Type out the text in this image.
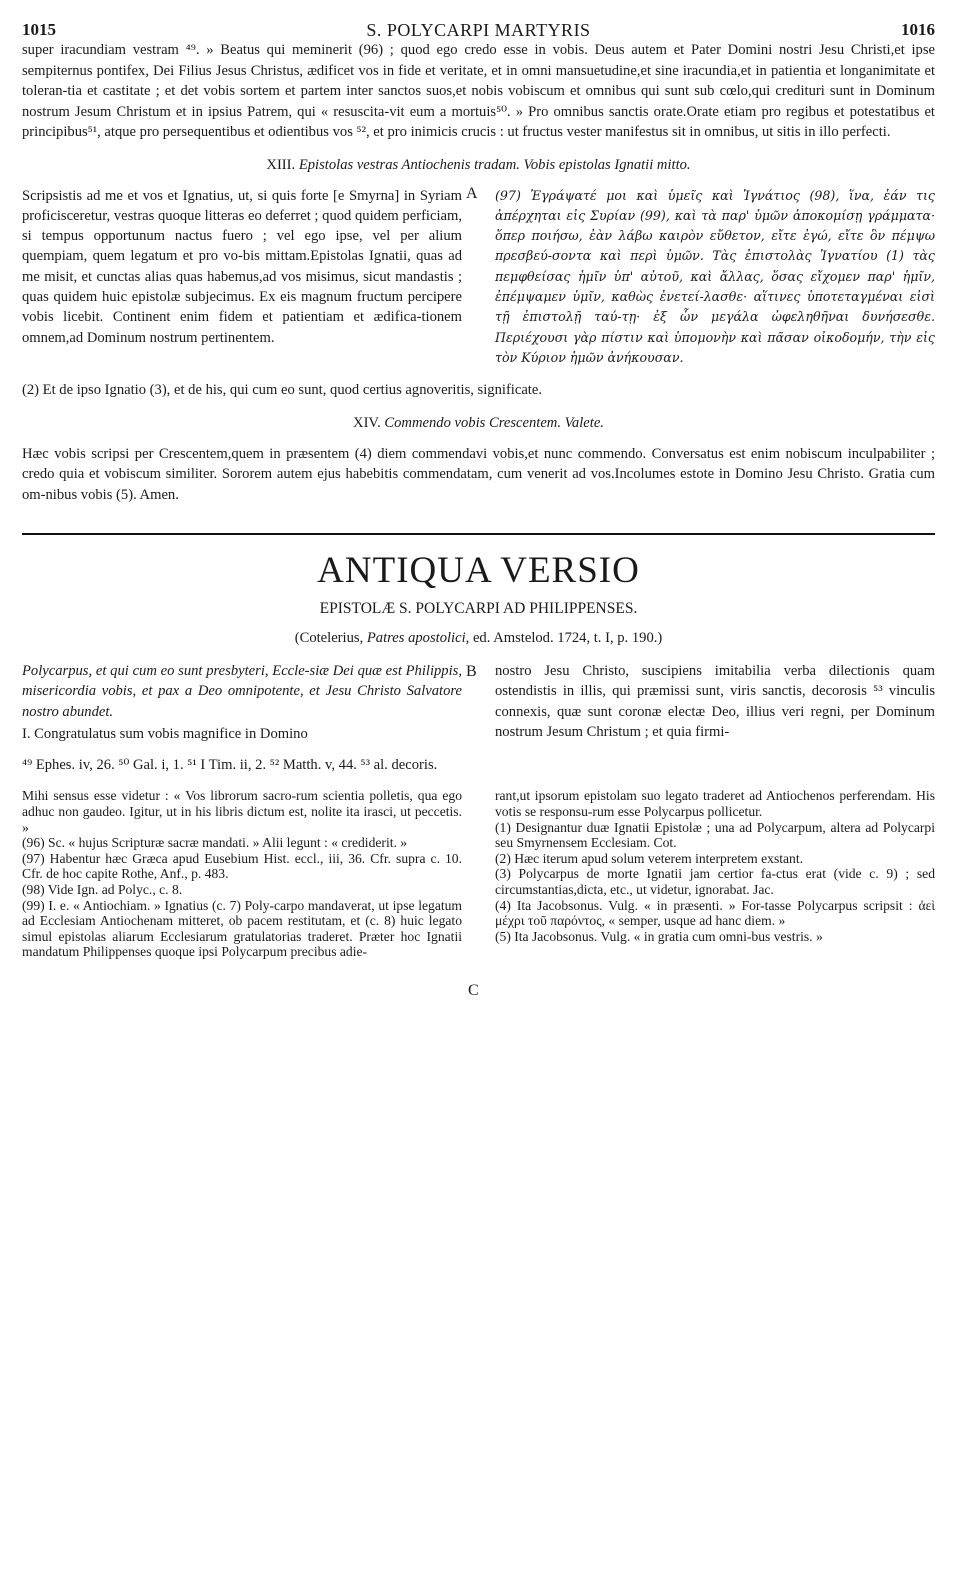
1015	S. POLYCARPI MARTYRIS	1016

super iracundiam vestram ⁴⁹. » Beatus qui meminerit (96) ; quod ego credo esse in vobis. Deus autem et Pater Domini nostri Jesu Christi,et ipse sempiternus pontifex, Dei Filius Jesus Christus, ædificet vos in fide et veritate, et in omni mansuetudine,et sine iracundia,et in patientia et longanimitate et toleran-tia et castitate ; et det vobis sortem et partem inter sanctos suos,et nobis vobiscum et omnibus qui sunt sub cœlo,qui credituri sunt in Dominum nostrum Jesum Christum et in ipsius Patrem, qui « resuscita-vit eum a mortuis⁵⁰. » Pro omnibus sanctis orate.Orate etiam pro regibus et potestatibus et principibus⁵¹, atque pro persequentibus et odientibus vos ⁵², et pro inimicis crucis : ut fructus vester manifestus sit in omnibus, ut sitis in illo perfecti.

XIII. Epistolas vestras Antiochenis tradam. Vobis epistolas Ignatii mitto.

Scripsistis ad me et vos et Ignatius, ut, si quis forte [e Smyrna] in Syriam proficisceretur, vestras quoque litteras eo deferret ; quod quidem perficiam, si tempus opportunum nactus fuero ; vel ego ipse, vel per alium quempiam, quem legatum et pro vo-bis mittam.Epistolas Ignatii, quas ad me misit, et cunctas alias quas habemus,ad vos misimus, sicut mandastis ; quas quidem huic epistolæ subjecimus. Ex eis magnum fructum percipere vobis licebit. Continent enim fidem et patientiam et ædifica-tionem omnem,ad Dominum nostrum pertinentem.

A (97) Ἐγράψατέ μοι καὶ ὑμεῖς καὶ Ἰγνάτιος (98), ἵνα, ἐάν τις ἀπέρχηται εἰς Συρίαν (99), καὶ τὰ παρ' ὑμῶν ἀποκομίσῃ γράμματα· ὅπερ ποιήσω, ἐὰν λάβω καιρὸν εὔθετον, εἴτε ἐγώ, εἴτε ὃν πέμψω πρεσβεύ-σοντα καὶ περὶ ὑμῶν. Τὰς ἐπιστολὰς Ἰγνατίου (1) τὰς πεμφθείσας ἡμῖν ὑπ' αὐτοῦ, καὶ ἄλλας, ὅσας εἴχομεν παρ' ἡμῖν, ἐπέμψαμεν ὑμῖν, καθὼς ἐνετεί-λασθε· αἵτινες ὑποτεταγμέναι εἰσὶ τῇ ἐπιστολῇ ταύ-τῃ· ἐξ ὧν μεγάλα ὠφεληθῆναι δυνήσεσθε. Περιέχουσι γὰρ πίστιν καὶ ὑπομονὴν καὶ πᾶσαν οἰκοδομήν, τὴν εἰς τὸν Κύριον ἡμῶν ἀνήκουσαν.

(2) Et de ipso Ignatio (3), et de his, qui cum eo sunt, quod certius agnoveritis, significate.

XIV. Commendo vobis Crescentem. Valete.

Hæc vobis scripsi per Crescentem,quem in præsentem (4) diem commendavi vobis,et nunc commendo. Conversatus est enim nobiscum inculpabiliter ; credo quia et vobiscum similiter. Sororem autem ejus habebitis commendatam, cum venerit ad vos.Incolumes estote in Domino Jesu Christo. Gratia cum om-nibus vobis (5). Amen.

ANTIQUA VERSIO

EPISTOLÆ S. POLYCARPI AD PHILIPPENSES.

(Cotelerius, Patres apostolici, ed. Amstelod. 1724, t. I, p. 190.)

Polycarpus, et qui cum eo sunt presbyteri, Eccle-siæ Dei quæ est Philippis, misericordia vobis, et pax a Deo omnipotente, et Jesu Christo Salvatore nostro abundet.

I. Congratulatus sum vobis magnifice in Domino

B nostro Jesu Christo, suscipiens imitabilia verba dilectionis quam ostendistis in illis, qui præmissi sunt, viris sanctis, decorosis ⁵³ vinculis connexis, quæ sunt coronæ electæ Deo, illius veri regni, per Dominum nostrum Jesum Christum ; et quia firmi-

⁴⁹ Ephes. iv, 26. ⁵⁰ Gal. i, 1. ⁵¹ I Tim. ii, 2. ⁵² Matth. v, 44. ⁵³ al. decoris.

Mihi sensus esse videtur : « Vos librorum sacro-rum scientia polletis, qua ego adhuc non gaudeo. Igitur, ut in his libris dictum est, nolite ita irasci, ut peccetis. »

(96) Sc. « hujus Scripturæ sacræ mandati. » Alii legunt : « crediderit. »

(97) Habentur hæc Græca apud Eusebium Hist. eccl., iii, 36. Cfr. supra c. 10. Cfr. de hoc capite Rothe, Anf., p. 483.

(98) Vide Ign. ad Polyc., c. 8.

(99) I. e. « Antiochiam. » Ignatius (c. 7) Poly-carpo mandaverat, ut ipse legatum ad Ecclesiam Antiochenam mitteret, ob pacem restitutam, et (c. 8) huic legato simul epistolas aliarum Ecclesiarum gratulatorias traderet. Præter hoc Ignatii mandatum Philippenses quoque ipsi Polycarpum precibus adie-

C

rant,ut ipsorum epistolam suo legato traderet ad Antiochenos perferendam. His votis se responsu-rum esse Polycarpus pollicetur.

(1) Designantur duæ Ignatii Epistolæ ; una ad Polycarpum, altera ad Polycarpi seu Smyrnensem Ecclesiam. Cot.

(2) Hæc iterum apud solum veterem interpretem exstant.

(3) Polycarpus de morte Ignatii jam certior fa-ctus erat (vide c. 9) ; sed circumstantias,dicta, etc., ut videtur, ignorabat. Jac.

(4) Ita Jacobsonus. Vulg. « in præsenti. » For-tasse Polycarpus scripsit : ἀεὶ μέχρι τοῦ παρόντος, « semper, usque ad hanc diem. »

(5) Ita Jacobsonus. Vulg. « in gratia cum omni-bus vestris. »
